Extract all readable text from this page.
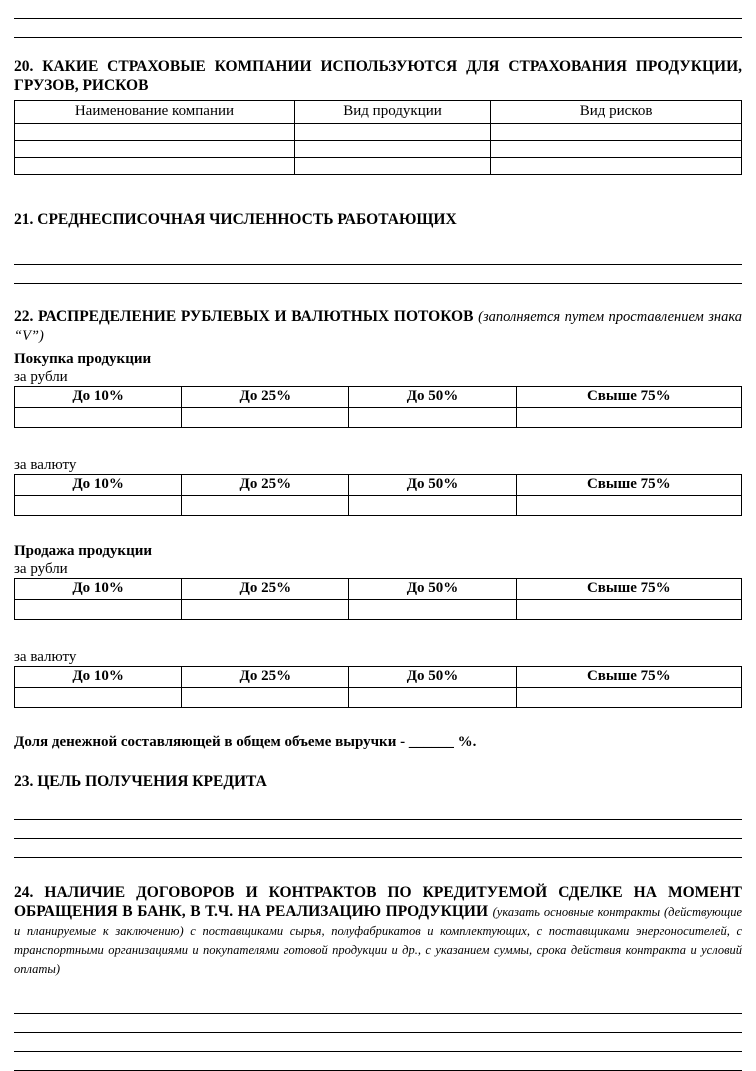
20. КАКИЕ СТРАХОВЫЕ КОМПАНИИ ИСПОЛЬЗУЮТСЯ ДЛЯ СТРАХОВАНИЯ ПРОДУКЦИИ, ГРУЗОВ, РИСКОВ

Наименование компании	Вид продукции	Вид рисков

21. СРЕДНЕСПИСОЧНАЯ ЧИСЛЕННОСТЬ РАБОТАЮЩИХ

22. РАСПРЕДЕЛЕНИЕ РУБЛЕВЫХ И ВАЛЮТНЫХ ПОТОКОВ (заполняется путем проставлением знака “V”)

Покупка продукции

за рубли

До 10%	До 25%	До 50%	Свыше 75%

за валюту

До 10%	До 25%	До 50%	Свыше 75%

Продажа продукции

за рубли

До 10%	До 25%	До 50%	Свыше 75%

за валюту

До 10%	До 25%	До 50%	Свыше 75%

Доля денежной составляющей в общем объеме выручки - ______ %.

23. ЦЕЛЬ ПОЛУЧЕНИЯ КРЕДИТА

24. НАЛИЧИЕ ДОГОВОРОВ И КОНТРАКТОВ ПО КРЕДИТУЕМОЙ СДЕЛКЕ НА МОМЕНТ ОБРАЩЕНИЯ В БАНК, В Т.Ч. НА РЕАЛИЗАЦИЮ ПРОДУКЦИИ (указать основные контракты (действующие и планируемые к заключению) с поставщиками сырья, полуфабрикатов и комплектующих, с поставщиками энергоносителей, с транспортными организациями и покупателями готовой продукции и др., с указанием суммы, срока действия контракта и условий оплаты)
